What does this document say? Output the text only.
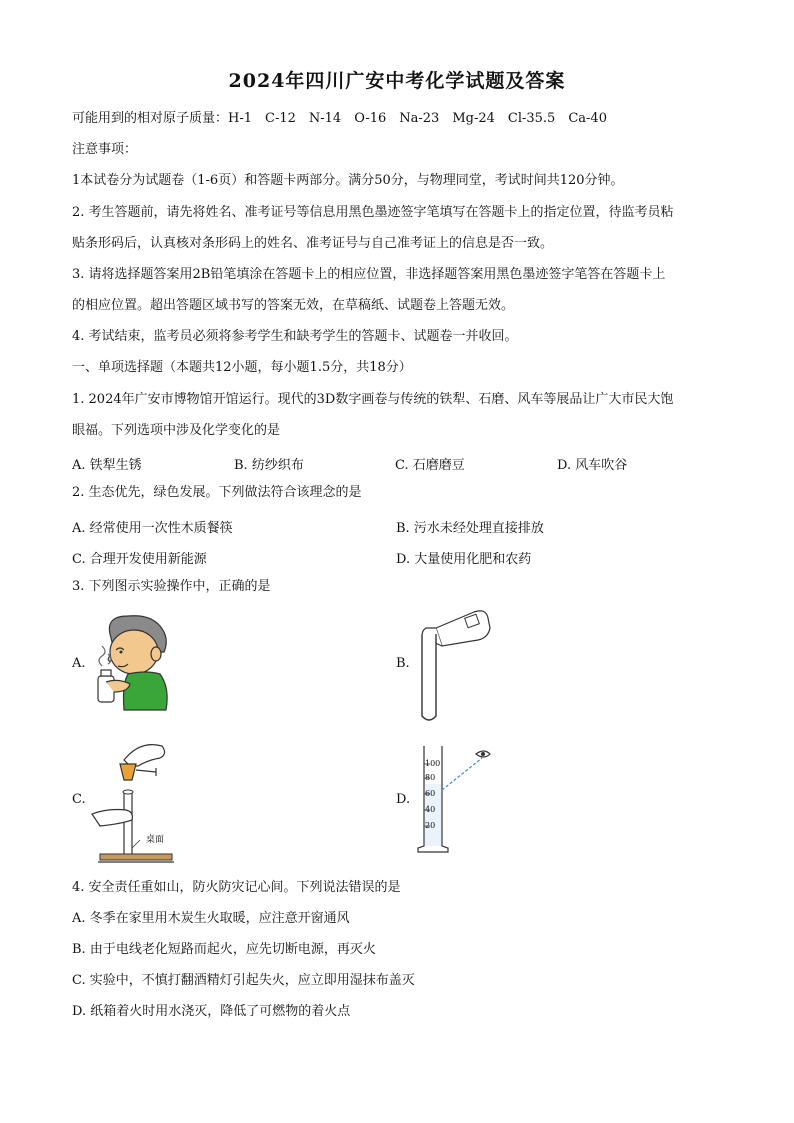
2024年四川广安中考化学试题及答案
可能用到的相对原子质量：H-1　C-12　N-14　O-16　Na-23　Mg-24　Cl-35.5　Ca-40
注意事项：
1本试卷分为试题卷（1-6页）和答题卡两部分。满分50分，与物理同堂，考试时间共120分钟。
2. 考生答题前，请先将姓名、准考证号等信息用黑色墨迹签字笔填写在答题卡上的指定位置，待监考员粘
贴条形码后，认真核对条形码上的姓名、准考证号与自己准考证上的信息是否一致。
3. 请将选择题答案用2B铅笔填涂在答题卡上的相应位置，非选择题答案用黑色墨迹签字笔答在答题卡上
的相应位置。超出答题区域书写的答案无效，在草稿纸、试题卷上答题无效。
4. 考试结束，监考员必须将参考学生和缺考学生的答题卡、试题卷一并收回。
一、单项选择题（本题共12小题，每小题1.5分，共18分）
1. 2024年广安市博物馆开馆运行。现代的3D数字画卷与传统的铁犁、石磨、风车等展品让广大市民大饱
眼福。下列选项中涉及化学变化的是
A. 铁犁生锈	B. 纺纱织布	C. 石磨磨豆	D. 风车吹谷
2. 生态优先，绿色发展。下列做法符合该理念的是
A. 经常使用一次性木质餐筷	B. 污水未经处理直接排放
C. 合理开发使用新能源	D. 大量使用化肥和农药
3. 下列图示实验操作中，正确的是
A.	B.
C.	D.
桌面
100
80
60
40
20
4. 安全责任重如山，防火防灾记心间。下列说法错误的是
A. 冬季在家里用木炭生火取暖，应注意开窗通风
B. 由于电线老化短路而起火，应先切断电源，再灭火
C. 实验中，不慎打翻酒精灯引起失火，应立即用湿抹布盖灭
D. 纸箱着火时用水浇灭，降低了可燃物的着火点
